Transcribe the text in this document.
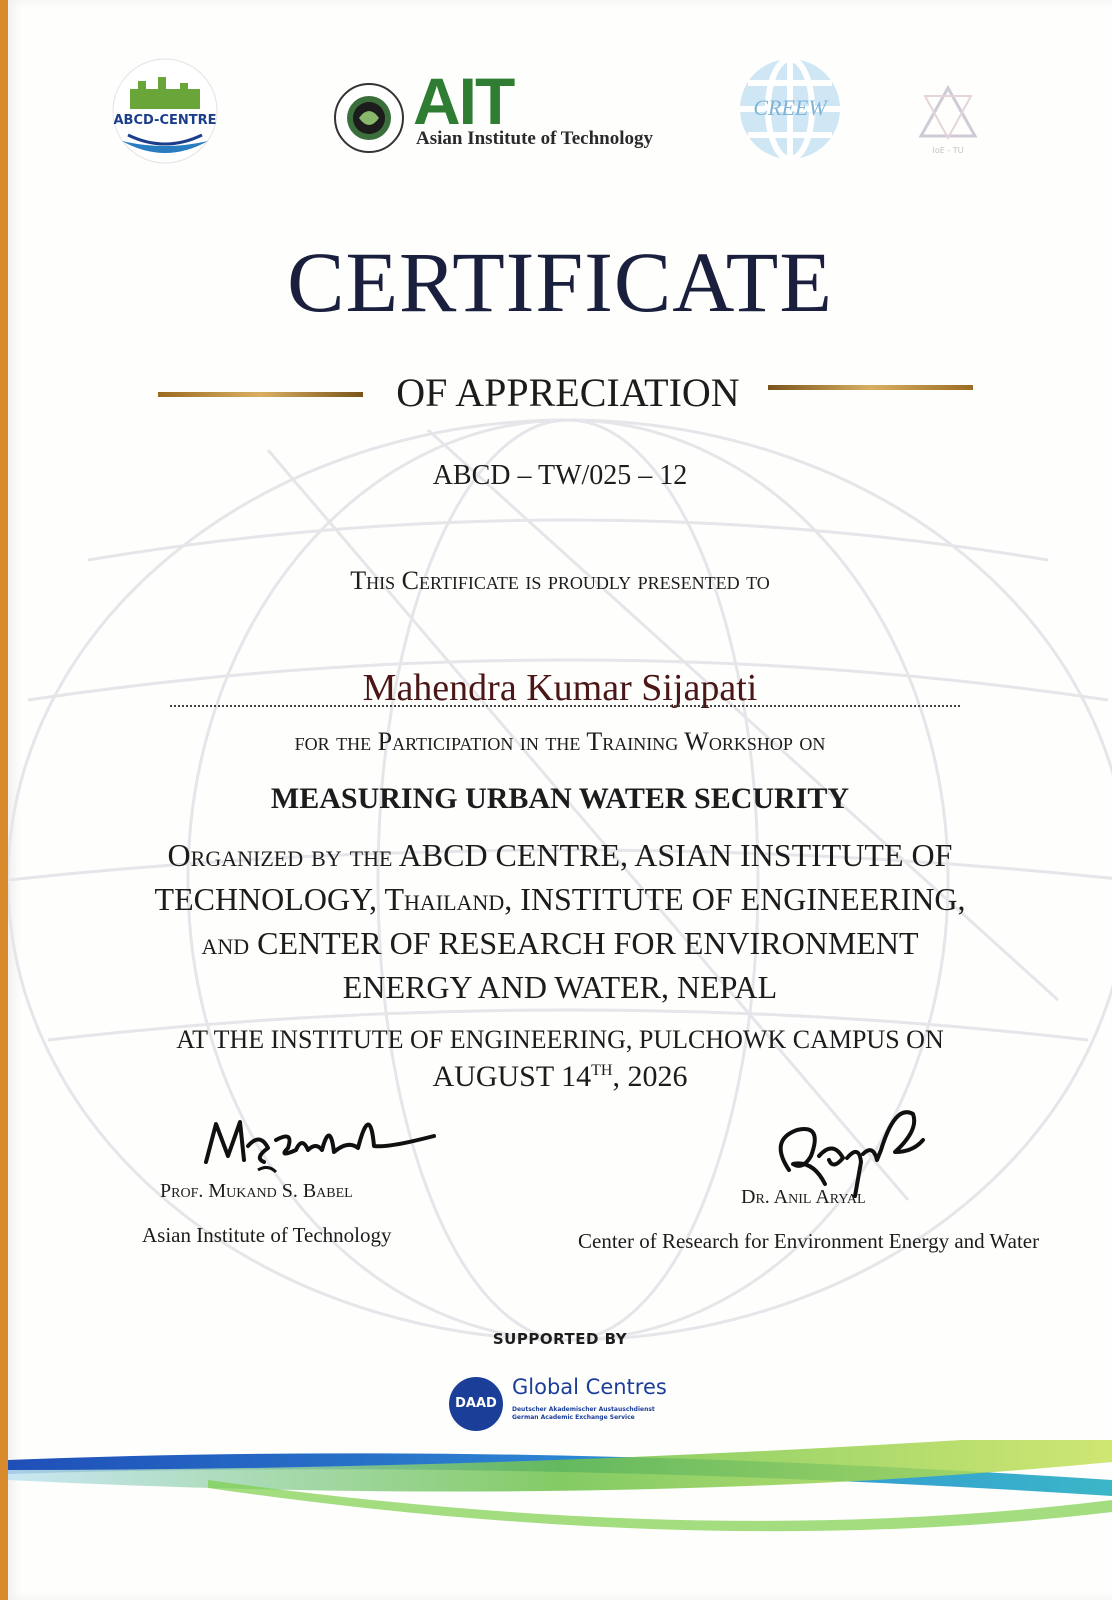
ABCD-CENTRE	AIT
Asian Institute of Technology
CREEW
IoE - TU
CERTIFICATE
OF APPRECIATION
ABCD – TW/025 – 12
This Certificate is proudly presented to
Mahendra Kumar Sijapati
for the Participation in the Training Workshop on
MEASURING URBAN WATER SECURITY
Organized by the ABCD CENTRE, ASIAN INSTITUTE OF
TECHNOLOGY, Thailand, INSTITUTE OF ENGINEERING,
and CENTER OF RESEARCH FOR ENVIRONMENT
ENERGY AND WATER, NEPAL
AT THE INSTITUTE OF ENGINEERING, PULCHOWK CAMPUS ON
AUGUST 14TH, 2026
Prof. Mukand S. Babel
Asian Institute of Technology
Dr. Anil Aryal
Center of Research for Environment Energy and Water
SUPPORTED BY
DAAD
Global Centres
Deutscher Akademischer Austauschdienst
German Academic Exchange Service
